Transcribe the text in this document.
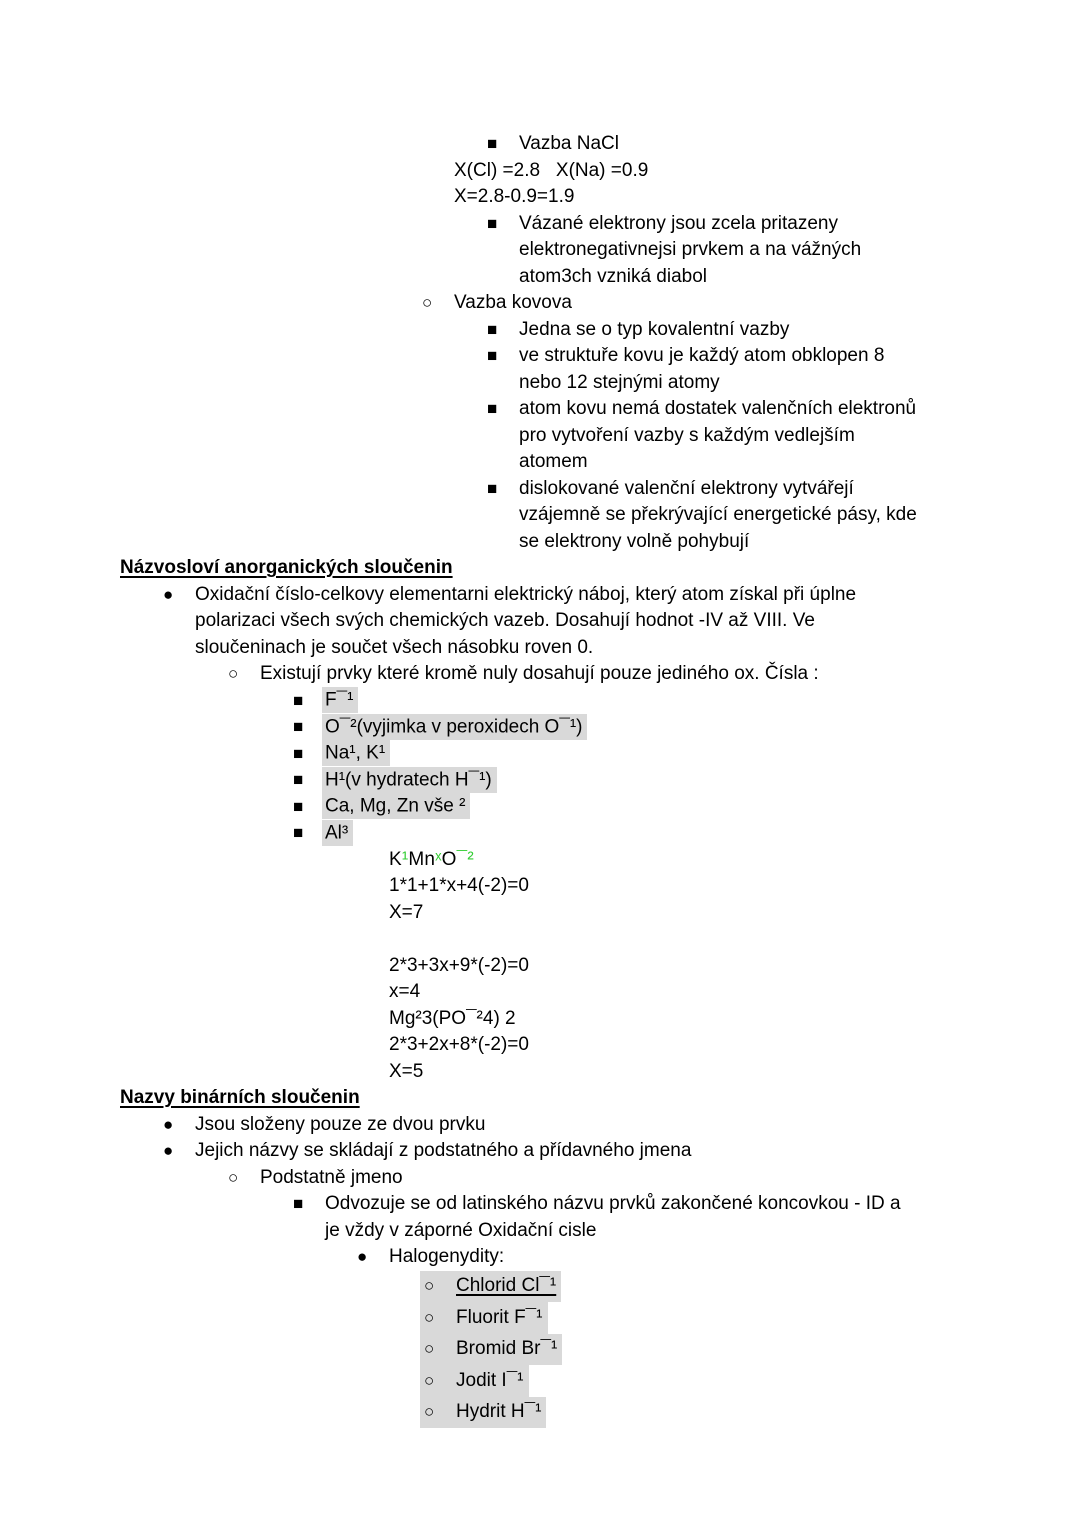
■ Vazba NaCl
X(Cl) =2.8   X(Na) =0.9
X=2.8-0.9=1.9
■ Vázané elektrony jsou zcela pritazeny
elektronegativnejsi prvkem a na vážných
atom3ch vzniká diabol
○ Vazba kovova
■ Jedna se o typ kovalentní vazby
■ ve struktuře kovu je každý atom obklopen 8
nebo 12 stejnými atomy
■ atom kovu nemá dostatek valenčních elektronů
pro vytvoření vazby s každým vedlejším
atomem
■ dislokované valenční elektrony vytvářejí
vzájemně se překrývající energetické pásy, kde
se elektrony volně pohybují
Názvosloví anorganických sloučenin
● Oxidační číslo-celkovy elementarni elektrický náboj, který atom získal při úplne
polarizaci všech svých chemických vazeb. Dosahují hodnot -IV až VIII. Ve
sloučeninach je součet všech násobku roven 0.
○ Existují prvky které kromě nuly dosahují pouze jediného ox. Čísla :
■ F¯¹
■ O¯²(vyjimka v peroxidech O¯¹)
■ Na¹, K¹
■ H¹(v hydratech H¯¹)
■ Ca, Mg, Zn vše ²
■ Al³
K¹MnˣO¯²
1*1+1*x+4(-2)=0
X=7
2*3+3x+9*(-2)=0
x=4
Mg²3(PO¯²4) 2
2*3+2x+8*(-2)=0
X=5
Nazvy binárních sloučenin
● Jsou složeny pouze ze dvou prvku
● Jejich názvy se skládají z podstatného a přídavného jmena
○ Podstatně jmeno
■ Odvozuje se od latinského názvu prvků zakončené koncovkou - ID a
je vždy v záporné Oxidační cisle
● Halogenydity:
○ Chlorid Cl¯¹
○ Fluorit F¯¹
○ Bromid Br¯¹
○ Jodit I¯¹
○ Hydrit H¯¹
